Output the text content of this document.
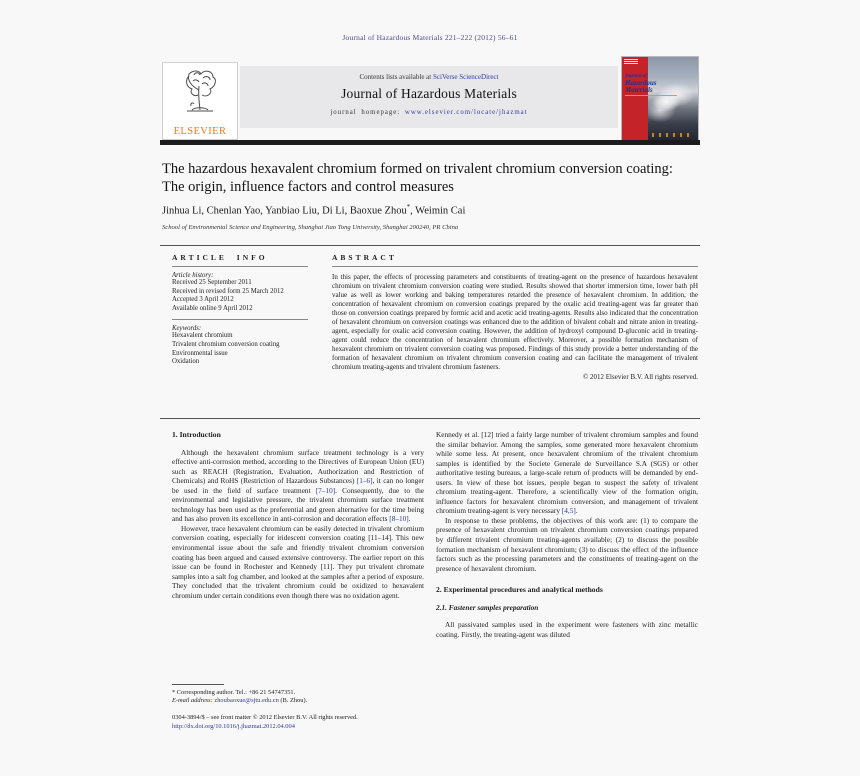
Journal of Hazardous Materials 221–222 (2012) 56–61
ELSEVIER
Contents lists available at SciVerse ScienceDirect
Journal of Hazardous Materials
journal homepage: www.elsevier.com/locate/jhazmat
Journal of
Hazardous
Materials
The hazardous hexavalent chromium formed on trivalent chromium conversion coating: The origin, influence factors and control measures
Jinhua Li, Chenlan Yao, Yanbiao Liu, Di Li, Baoxue Zhou*, Weimin Cai
School of Environmental Science and Engineering, Shanghai Jiao Tong University, Shanghai 200240, PR China
ARTICLE INFO
Article history:
Received 25 September 2011
Received in revised form 25 March 2012
Accepted 3 April 2012
Available online 9 April 2012
Keywords:
Hexavalent chromium
Trivalent chromium conversion coating
Environmental issue
Oxidation
ABSTRACT
In this paper, the effects of processing parameters and constituents of treating-agent on the presence of hazardous hexavalent chromium on trivalent chromium conversion coating were studied. Results showed that shorter immersion time, lower bath pH value as well as lower working and baking temperatures retarded the presence of hexavalent chromium. In addition, the concentration of hexavalent chromium on conversion coatings prepared by the oxalic acid treating-agent was far greater than those on conversion coatings prepared by formic acid and acetic acid treating-agents. Results also indicated that the concentration of hexavalent chromium on conversion coatings was enhanced due to the addition of bivalent cobalt and nitrate anion in treating-agent, especially for oxalic acid conversion coating. However, the addition of hydroxyl compound D-gluconic acid in treating-agent could reduce the concentration of hexavalent chromium effectively. Moreover, a possible formation mechanism of hexavalent chromium on trivalent conversion coating was proposed. Findings of this study provide a better understanding of the formation of hexavalent chromium on trivalent chromium conversion coating and can facilitate the management of trivalent chromium treating-agents and trivalent chromium fasteners.
© 2012 Elsevier B.V. All rights reserved.
1. Introduction

Although the hexavalent chromium surface treatment technology is a very effective anti-corrosion method, according to the Directives of European Union (EU) such as REACH (Registration, Evaluation, Authorization and Restriction of Chemicals) and RoHS (Restriction of Hazardous Substances) [1–6], it can no longer be used in the field of surface treatment [7–10]. Consequently, due to the environmental and legislative pressure, the trivalent chromium surface treatment technology has been used as the preferential and green alternative for the time being and has also proven its excellence in anti-corrosion and decoration effects [8–10].

However, trace hexavalent chromium can be easily detected in trivalent chromium conversion coating, especially for iridescent conversion coating [11–14]. This new environmental issue about the safe and friendly trivalent chromium conversion coating has been argued and caused extensive controversy. The earlier report on this issue can be found in Rochester and Kennedy [11]. They put trivalent chromate samples into a salt fog chamber, and looked at the samples after a period of exposure. They concluded that the trivalent chromium could be oxidized to hexavalent chromium under certain conditions even though there was no oxidation agent.

Kennedy et al. [12] tried a fairly large number of trivalent chromium samples and found the similar behavior. Among the samples, some generated more hexavalent chromium while some less. At present, once hexavalent chromium of the trivalent chromium samples is identified by the Societe Generale de Surveillance S.A (SGS) or other authoritative testing bureaus, a large-scale return of products will be demanded by end-users. In view of these hot issues, people began to suspect the safety of trivalent chromium treating-agent. Therefore, a scientifically view of the formation origin, influence factors for hexavalent chromium conversion, and management of trivalent chromium treating-agent is very necessary [4,5].

In response to these problems, the objectives of this work are: (1) to compare the presence of hexavalent chromium on trivalent chromium conversion coatings prepared by different trivalent chromium treating-agents available; (2) to discuss the possible formation mechanism of hexavalent chromium; (3) to discuss the effect of the influence factors such as the processing parameters and the constituents of treating-agent on the presence of hexavalent chromium.

2. Experimental procedures and analytical methods
2.1. Fastener samples preparation

All passivated samples used in the experiment were fasteners with zinc metallic coating. Firstly, the treating-agent was diluted

* Corresponding author. Tel.: +86 21 54747351.
E-mail address: zhoubaoxue@sjtu.edu.cn (B. Zhou).
0304-3894/$ – see front matter © 2012 Elsevier B.V. All rights reserved.
http://dx.doi.org/10.1016/j.jhazmat.2012.04.004
